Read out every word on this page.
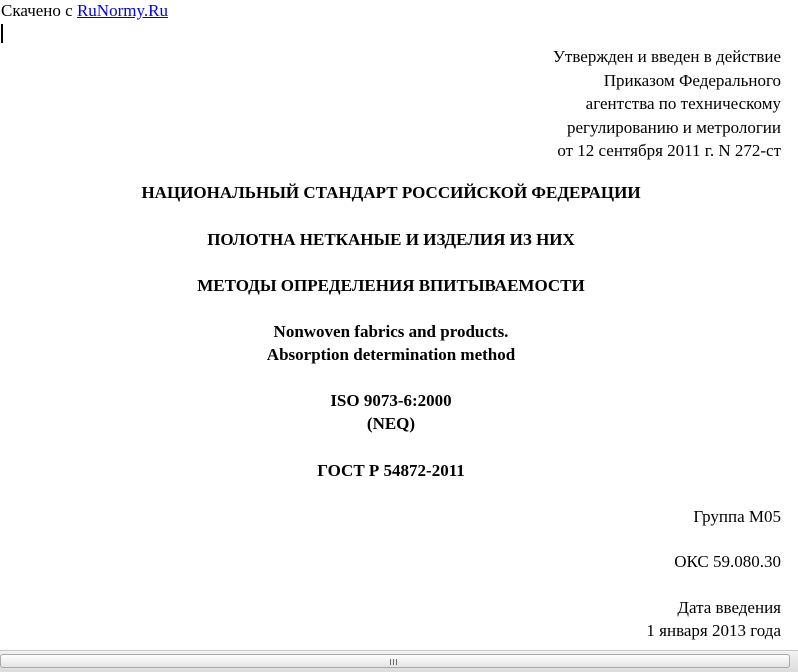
Скачено с RuNormy.Ru
Утвержден и введен в действие
Приказом Федерального
агентства по техническому
регулированию и метрологии
от 12 сентября 2011 г. N 272-ст
НАЦИОНАЛЬНЫЙ СТАНДАРТ РОССИЙСКОЙ ФЕДЕРАЦИИ
ПОЛОТНА НЕТКАНЫЕ И ИЗДЕЛИЯ ИЗ НИХ
МЕТОДЫ ОПРЕДЕЛЕНИЯ ВПИТЫВАЕМОСТИ
Nonwoven fabrics and products.
Absorption determination method
ISO 9073-6:2000
(NEQ)
ГОСТ Р 54872-2011
Группа М05
ОКС 59.080.30
Дата введения
1 января 2013 года
